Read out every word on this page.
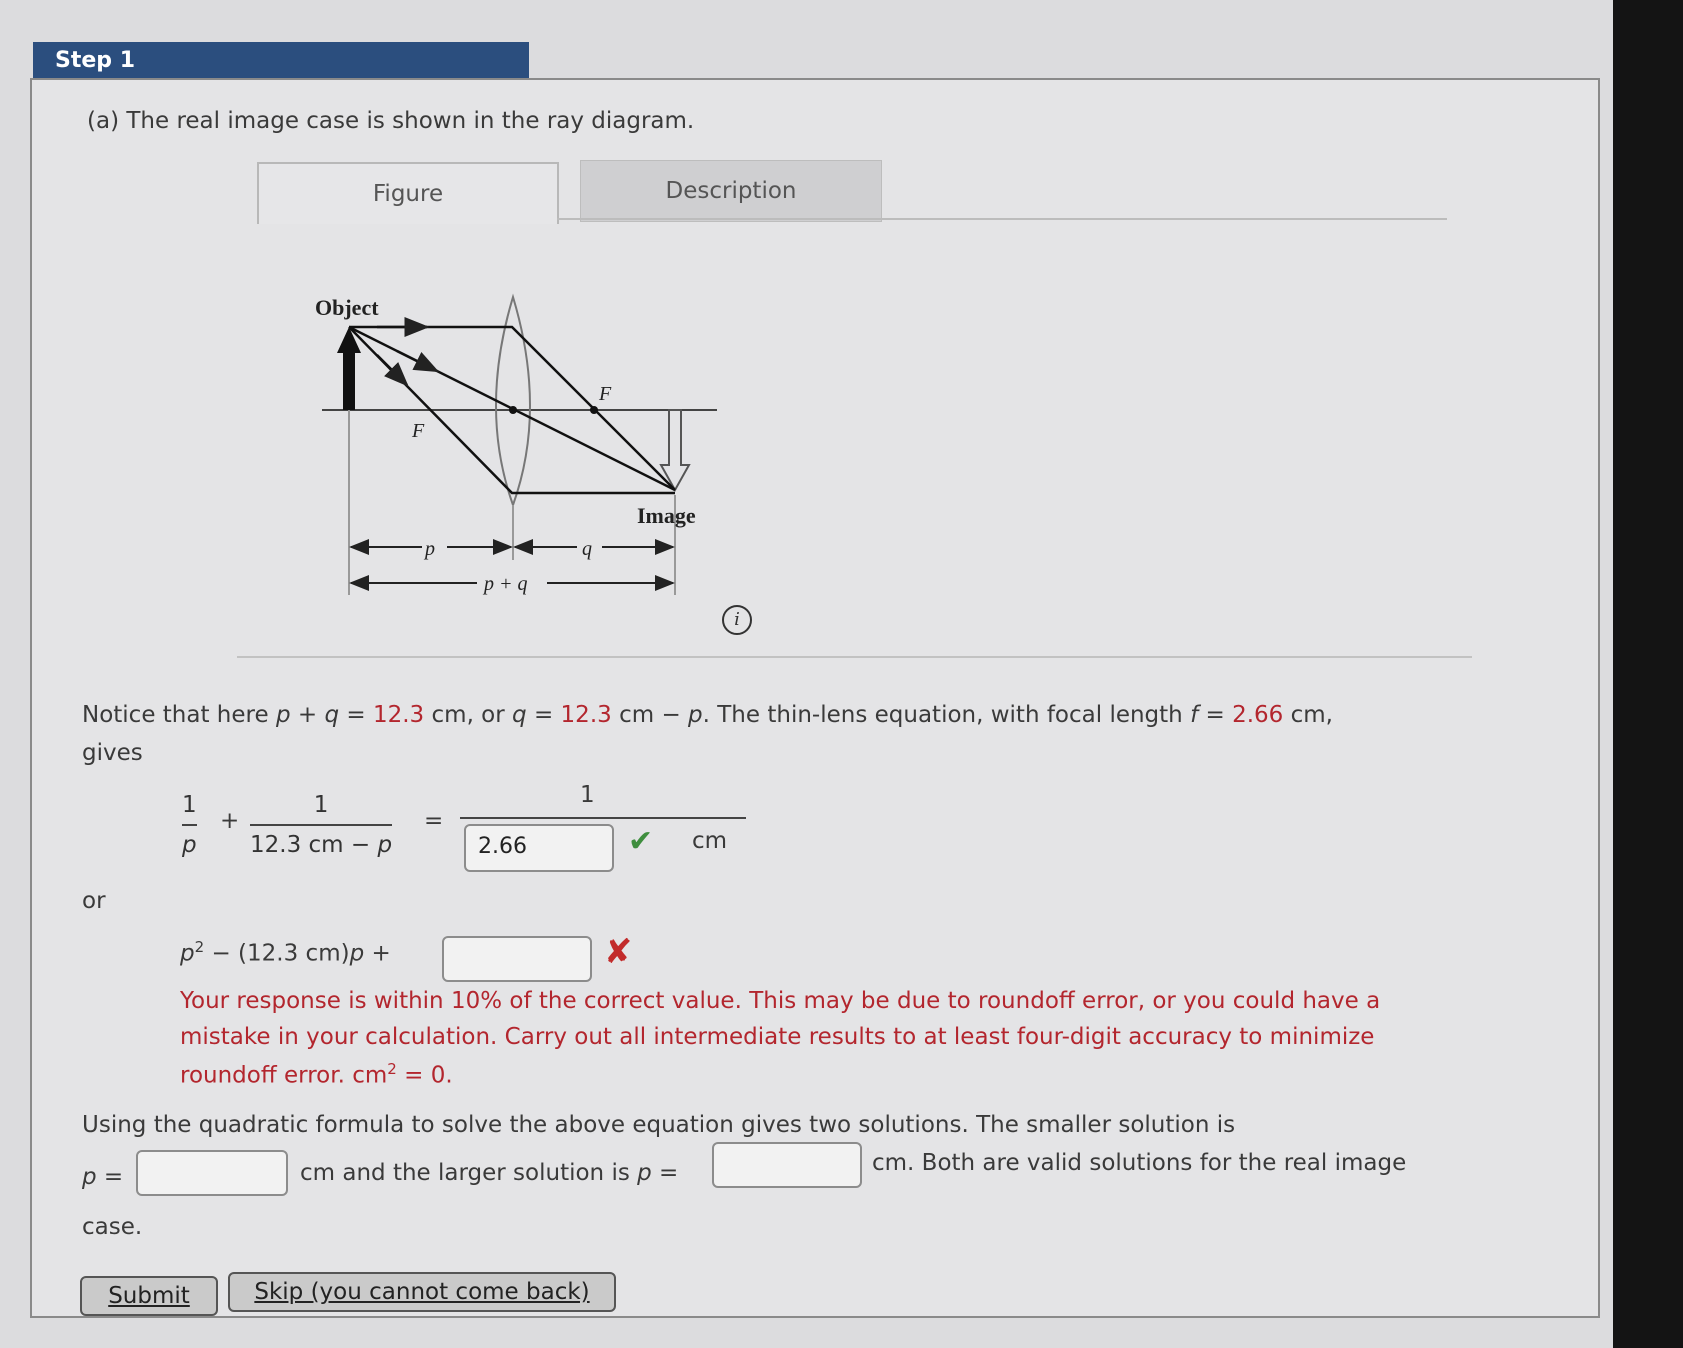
Step 1
(a) The real image case is shown in the ray diagram.
Figure	Description
Object
F
F
Image
p	q
p + q
i
Notice that here p + q = 12.3 cm, or q = 12.3 cm − p. The thin-lens equation, with focal length f = 2.66 cm,
gives
1
p
+
1
12.3 cm − p
=
1
2.66	✔ cm
or
$p^2 - (12.3$ cm)p +	✘
Your response is within 10% of the correct value. This may be due to roundoff error, or you could have a
mistake in your calculation. Carry out all intermediate results to at least four-digit accuracy to minimize
roundoff error. $cm^2 = 0$.
Using the quadratic formula to solve the above equation gives two solutions. The smaller solution is
p =	cm and the larger solution is p =	cm. Both are valid solutions for the real image
case.
Submit	Skip (you cannot come back)
